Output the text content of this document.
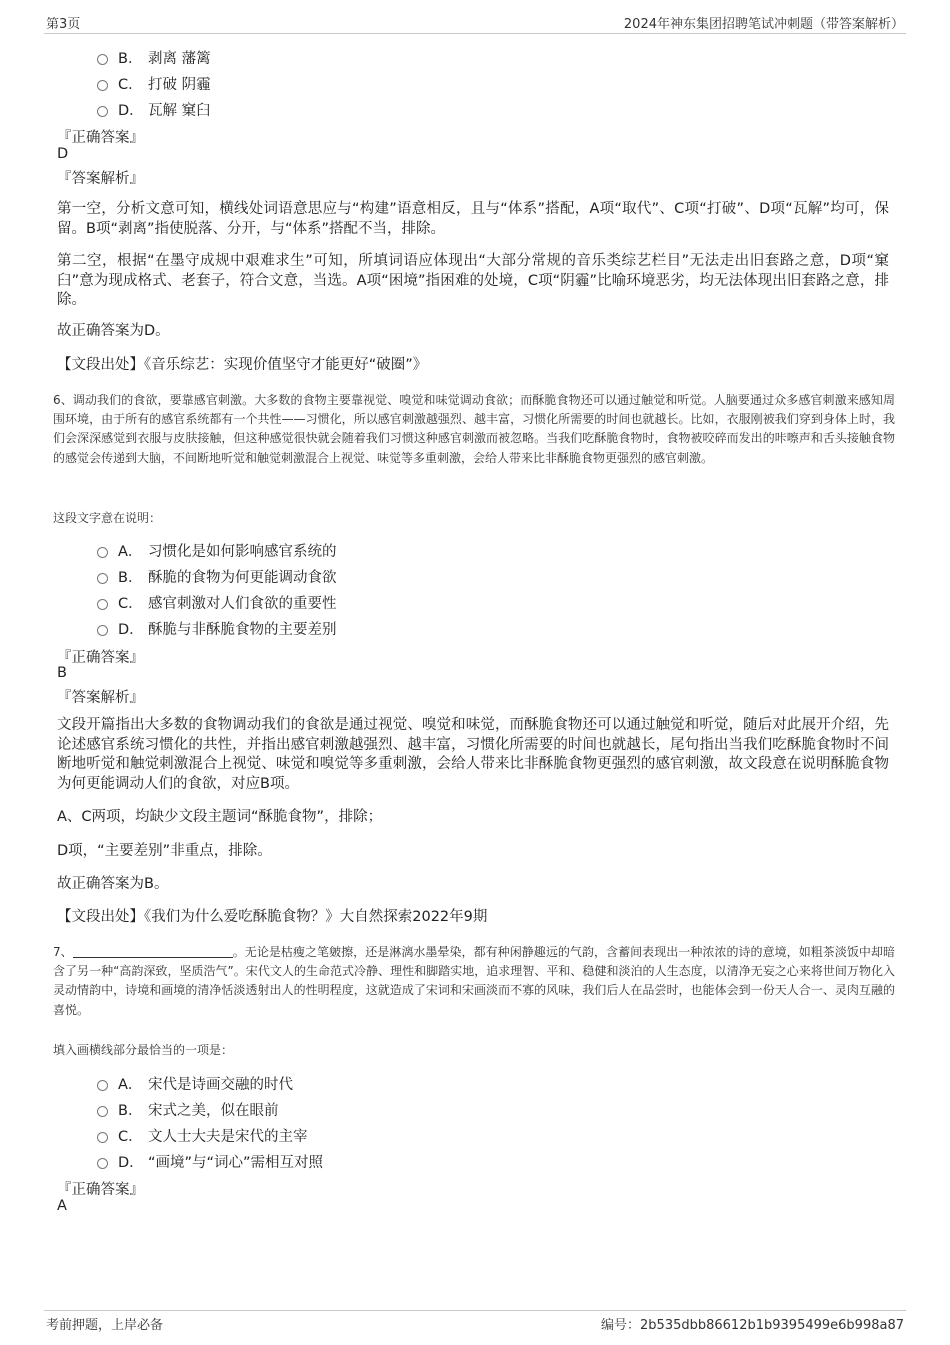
第3页	2024年神东集团招聘笔试冲刺题（带答案解析）
B． 剥离 藩篱
C． 打破 阴霾
D． 瓦解 窠臼
『正确答案』
D
『答案解析』
第一空，分析文意可知，横线处词语意思应与“构建”语意相反，且与“体系”搭配，A项“取代”、C项“打破”、D项“瓦解”均可，保留。B项“剥离”指使脱落、分开，与“体系”搭配不当，排除。
第二空，根据“在墨守成规中艰难求生”可知，所填词语应体现出“大部分常规的音乐类综艺栏目”无法走出旧套路之意，D项“窠臼”意为现成格式、老套子，符合文意，当选。A项“困境”指困难的处境，C项“阴霾”比喻环境恶劣，均无法体现出旧套路之意，排除。
故正确答案为D。
【文段出处】《音乐综艺：实现价值坚守才能更好“破圈”》
6、调动我们的食欲，要靠感官刺激。大多数的食物主要靠视觉、嗅觉和味觉调动食欲；而酥脆食物还可以通过触觉和听觉。人脑要通过众多感官刺激来感知周围环境，由于所有的感官系统都有一个共性——习惯化，所以感官刺激越强烈、越丰富，习惯化所需要的时间也就越长。比如，衣服刚被我们穿到身体上时，我们会深深感觉到衣服与皮肤接触，但这种感觉很快就会随着我们习惯这种感官刺激而被忽略。当我们吃酥脆食物时，食物被咬碎而发出的咔嚓声和舌头接触食物的感觉会传递到大脑，不间断地听觉和触觉刺激混合上视觉、味觉等多重刺激，会给人带来比非酥脆食物更强烈的感官刺激。
这段文字意在说明：
A． 习惯化是如何影响感官系统的
B． 酥脆的食物为何更能调动食欲
C． 感官刺激对人们食欲的重要性
D． 酥脆与非酥脆食物的主要差别
『正确答案』
B
『答案解析』
文段开篇指出大多数的食物调动我们的食欲是通过视觉、嗅觉和味觉，而酥脆食物还可以通过触觉和听觉，随后对此展开介绍，先论述感官系统习惯化的共性，并指出感官刺激越强烈、越丰富，习惯化所需要的时间也就越长，尾句指出当我们吃酥脆食物时不间断地听觉和触觉刺激混合上视觉、味觉和嗅觉等多重刺激，会给人带来比非酥脆食物更强烈的感官刺激，故文段意在说明酥脆食物为何更能调动人们的食欲，对应B项。
A、C两项，均缺少文段主题词“酥脆食物”，排除；
D项，“主要差别”非重点，排除。
故正确答案为B。
【文段出处】《我们为什么爱吃酥脆食物？》大自然探索2022年9期
7、	。无论是枯瘦之笔皴擦，还是淋漓水墨晕染，都有种闲静趣远的气韵，含蓄间表现出一种浓浓的诗的意境，如粗茶淡饭中却暗含了另一种“高韵深致，坚质浩气”。宋代文人的生命范式冷静、理性和脚踏实地，追求理智、平和、稳健和淡泊的人生态度，以清净无妄之心来将世间万物化入灵动情韵中，诗境和画境的清净恬淡透射出人的性明程度，这就造成了宋词和宋画淡而不寡的风味，我们后人在品尝时，也能体会到一份天人合一、灵肉互融的喜悦。
填入画横线部分最恰当的一项是：
A． 宋代是诗画交融的时代
B． 宋式之美，似在眼前
C． 文人士大夫是宋代的主宰
D． “画境”与“词心”需相互对照
『正确答案』
A
考前押题，上岸必备	编号：2b535dbb86612b1b9395499e6b998a87
